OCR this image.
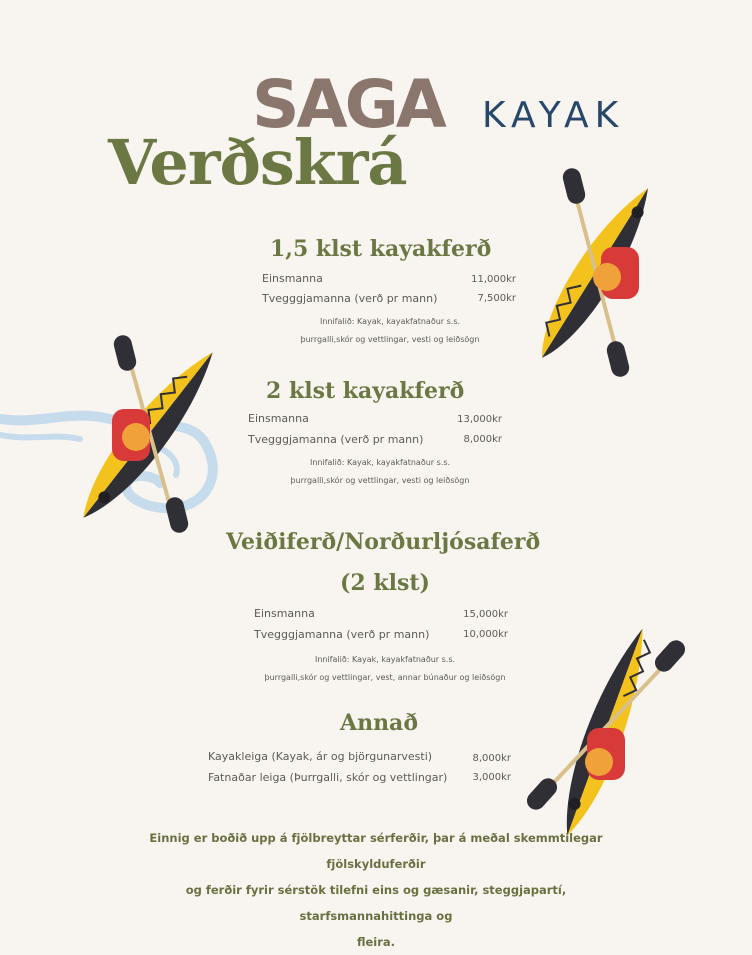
SAGA KAYAK
Verðskrá
1,5 klst kayakferð
Einsmanna	11,000kr
Tvegggjamanna (verð pr mann)	7,500kr
Innifalið: Kayak, kayakfatnaður s.s.
þurrgalli,skór og vettlingar, vesti og leiðsögn
2 klst kayakferð
Einsmanna	13,000kr
Tvegggjamanna (verð pr mann)	8,000kr
Innifalið: Kayak, kayakfatnaður s.s.
þurrgalli,skór og vettlingar, vesti og leiðsögn
Veiðiferð/Norðurljósaferð
(2 klst)
Einsmanna	15,000kr
Tvegggjamanna (verð pr mann)	10,000kr
Innifalið: Kayak, kayakfatnaður s.s.
þurrgalli,skór og vettlingar, vest, annar búnaður og leiðsögn
Annað
Kayakleiga (Kayak, ár og björgunarvesti)	8,000kr
Fatnaðar leiga (Þurrgalli, skór og vettlingar)	3,000kr
Einnig er boðið upp á fjölbreyttar sérferðir, þar á meðal skemmtilegar fjölskylduferðir
og ferðir fyrir sérstök tilefni eins og gæsanir, steggjapartí, starfsmannahittinga og
fleira.
